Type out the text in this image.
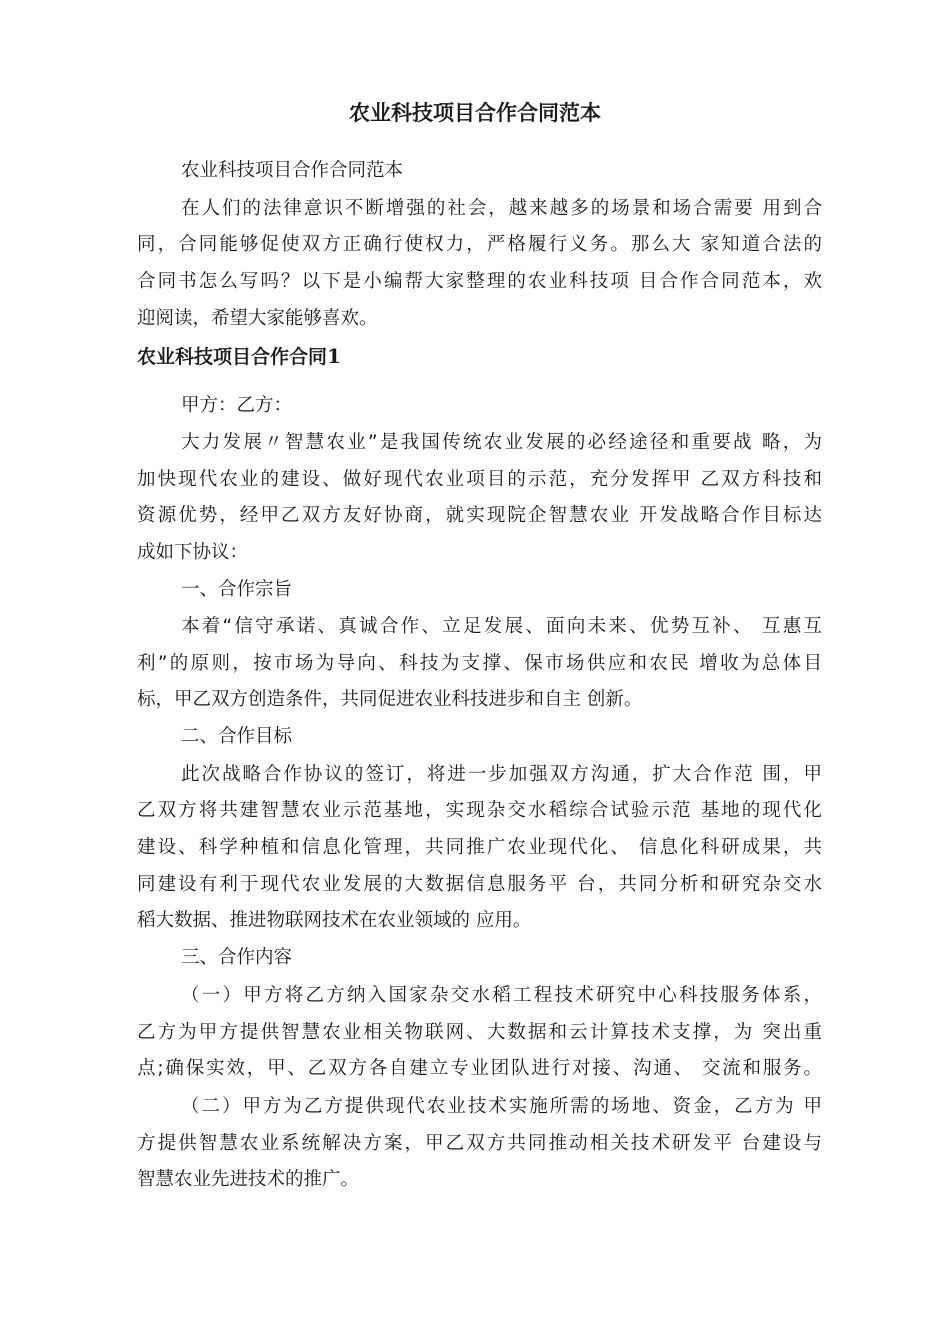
农业科技项目合作合同范本
农业科技项目合作合同范本
在人们的法律意识不断增强的社会，越来越多的场景和场合需要 用到合
同，合同能够促使双方正确行使权力，严格履行义务。那么大 家知道合法的
合同书怎么写吗？以下是小编帮大家整理的农业科技项 目合作合同范本，欢
迎阅读，希望大家能够喜欢。
农业科技项目合作合同1
甲方：乙方：
大力发展〃智慧农业”是我国传统农业发展的必经途径和重要战 略，为
加快现代农业的建设、做好现代农业项目的示范，充分发挥甲 乙双方科技和
资源优势，经甲乙双方友好协商，就实现院企智慧农业 开发战略合作目标达
成如下协议：
一、合作宗旨
本着“信守承诺、真诚合作、立足发展、面向未来、优势互补、 互惠互
利”的原则，按市场为导向、科技为支撑、保市场供应和农民 增收为总体目
标，甲乙双方创造条件，共同促进农业科技进步和自主 创新。
二、合作目标
此次战略合作协议的签订，将进一步加强双方沟通，扩大合作范 围，甲
乙双方将共建智慧农业示范基地，实现杂交水稻综合试验示范 基地的现代化
建设、科学种植和信息化管理，共同推广农业现代化、 信息化科研成果，共
同建设有利于现代农业发展的大数据信息服务平 台，共同分析和研究杂交水
稻大数据、推进物联网技术在农业领域的 应用。
三、合作内容
（一）甲方将乙方纳入国家杂交水稻工程技术研究中心科技服务体系，
乙方为甲方提供智慧农业相关物联网、大数据和云计算技术支撑，为 突出重
点;确保实效，甲、乙双方各自建立专业团队进行对接、沟通、 交流和服务。
（二）甲方为乙方提供现代农业技术实施所需的场地、资金，乙方为 甲
方提供智慧农业系统解决方案，甲乙双方共同推动相关技术研发平 台建设与
智慧农业先进技术的推广。
